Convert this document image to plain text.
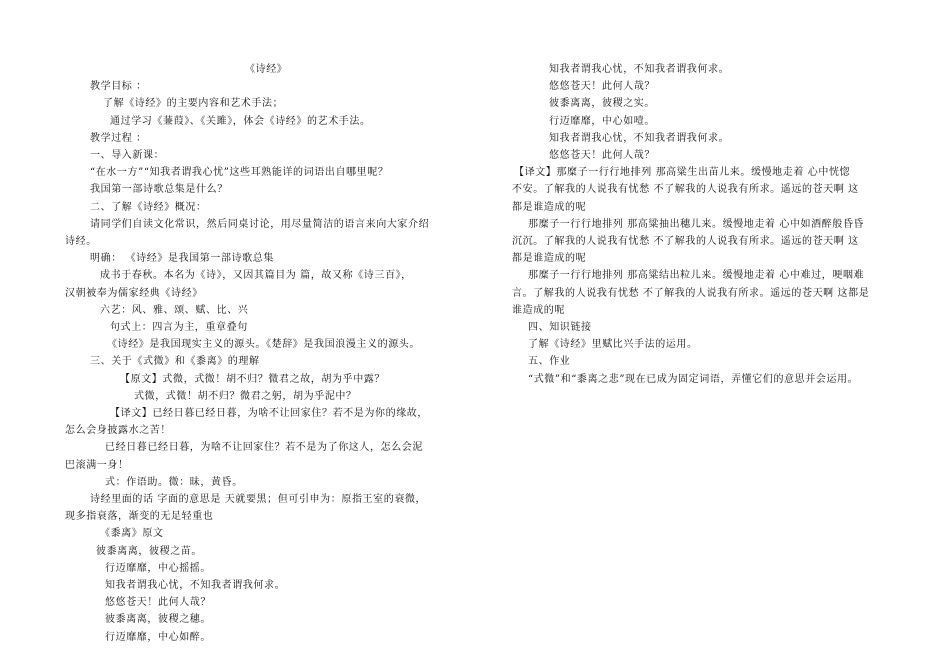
《诗经》
教学目标 ：
了解《诗经》的主要内容和艺术手法；
通过学习《蒹葭》、《关雎》，体会《诗经》的艺术手法。
教学过程 ：
一、导入新课：
“在水一方”“知我者谓我心忧”这些耳熟能详的词语出自哪里呢？
我国第一部诗歌总集是什么？
二、了解《诗经》概况：
请同学们自读文化常识，然后同桌讨论，用尽量简洁的语言来向大家介绍
诗经。
明确： 《诗经》是我国第一部诗歌总集
成书于春秋。本名为《诗》，又因其篇目为 篇，故又称《诗三百》，
汉朝被奉为儒家经典《诗经》
六艺：风、雅、颂、赋、比、兴
句式上：四言为主，重章叠句
《诗经》是我国现实主义的源头。《楚辞》是我国浪漫主义的源头。
三、关于《式微》和《黍离》的理解
【原文】式微，式微！胡不归？微君之故，胡为乎中露？
式微，式微！胡不归？微君之躬，胡为乎泥中？
【译文】已经日暮已经日暮，为啥不让回家住？若不是为你的缘故，
怎么会身披露水之苦！
已经日暮已经日暮，为啥不让回家住？若不是为了你这人，怎么会泥
巴滚满一身！
式：作语助。微：昧，黄昏。
诗经里面的话 字面的意思是 天就要黑；但可引申为：原指王室的衰微，
现多指衰落，渐变的无足轻重也
《黍离》原文
彼黍离离，彼稷之苗。
行迈靡靡，中心摇摇。
知我者谓我心忧，不知我者谓我何求。
悠悠苍天！此何人哉？
彼黍离离，彼稷之穗。
行迈靡靡，中心如醉。
知我者谓我心忧，不知我者谓我何求。
悠悠苍天！此何人哉？
彼黍离离，彼稷之实。
行迈靡靡，中心如噎。
知我者谓我心忧，不知我者谓我何求。
悠悠苍天！此何人哉？
【译文】那糜子一行行地排列 那高粱生出苗儿来。缓慢地走着 心中恍惚
不安。了解我的人说我有忧愁 不了解我的人说我有所求。遥远的苍天啊 这
都是谁造成的呢
那糜子一行行地排列 那高粱抽出穗儿来。缓慢地走着 心中如酒醉般昏昏
沉沉。了解我的人说我有忧愁 不了解我的人说我有所求。遥远的苍天啊 这
都是谁造成的呢
那糜子一行行地排列 那高粱结出粒儿来。缓慢地走着 心中难过，哽咽难
言。了解我的人说我有忧愁 不了解我的人说我有所求。遥远的苍天啊 这都是
谁造成的呢
四、知识链接
了解《诗经》里赋比兴手法的运用。
五、作业
“式微”和“黍离之悲”现在已成为固定词语，弄懂它们的意思并会运用。
